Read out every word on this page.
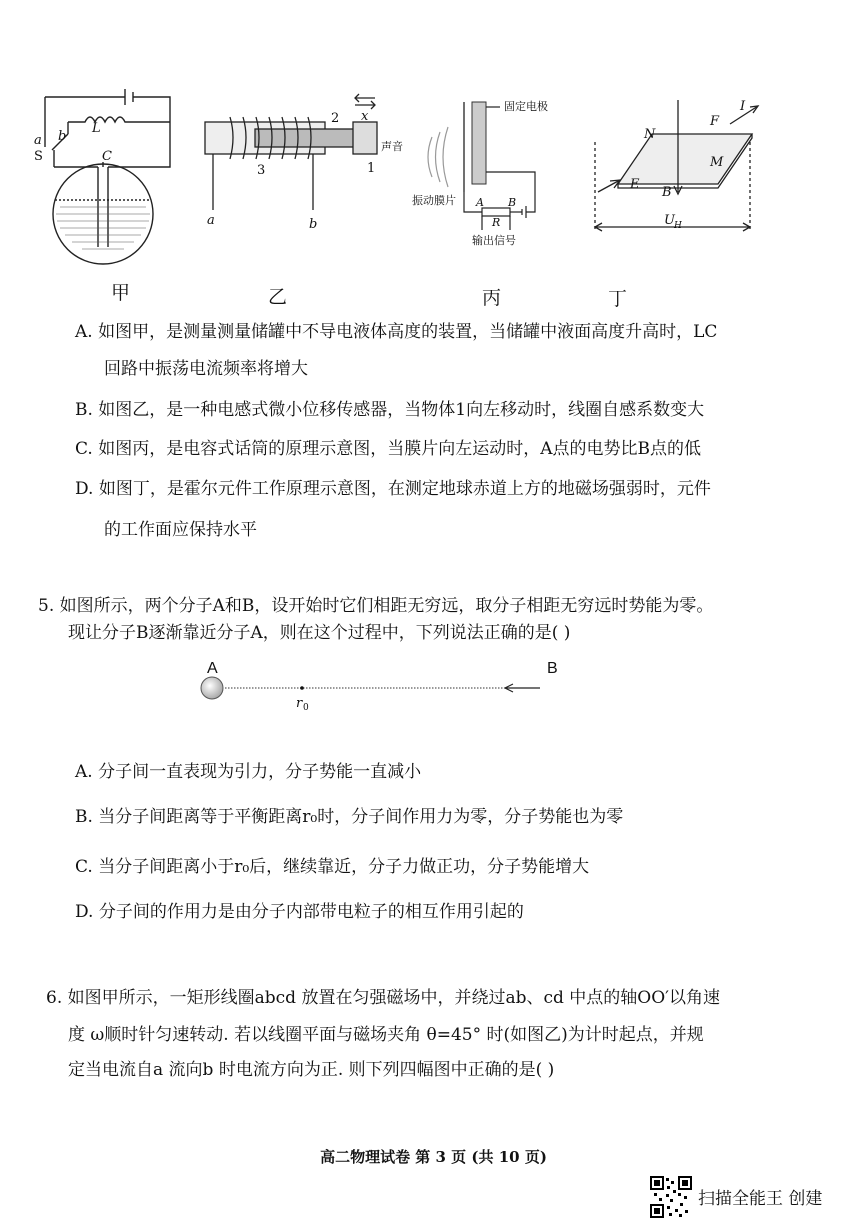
a b
S
L
C
甲
2 x
声音
3	1
a	b
乙
固定电极
振动膜片 A B
R
输出信号
丙
I
F
N
M
E
B
U H
丁
A. 如图甲，是测量测量储罐中不导电液体高度的装置，当储罐中液面高度升高时，LC
回路中振荡电流频率将增大
B. 如图乙，是一种电感式微小位移传感器，当物体1向左移动时，线圈自感系数变大
C. 如图丙，是电容式话筒的原理示意图，当膜片向左运动时，A点的电势比B点的低
D. 如图丁，是霍尔元件工作原理示意图，在测定地球赤道上方的地磁场强弱时，元件
的工作面应保持水平
5. 如图所示，两个分子A和B，设开始时它们相距无穷远，取分子相距无穷远时势能为零。
现让分子B逐渐靠近分子A，则在这个过程中，下列说法正确的是( )
A	B
r 0
A. 分子间一直表现为引力，分子势能一直减小
B. 当分子间距离等于平衡距离r₀时，分子间作用力为零，分子势能也为零
C. 当分子间距离小于r₀后，继续靠近，分子力做正功，分子势能增大
D. 分子间的作用力是由分子内部带电粒子的相互作用引起的
6. 如图甲所示，一矩形线圈abcd 放置在匀强磁场中，并绕过ab、cd 中点的轴OO′以角速
度 ω顺时针匀速转动. 若以线圈平面与磁场夹角 θ=45° 时(如图乙)为计时起点，并规
定当电流自a 流向b 时电流方向为正. 则下列四幅图中正确的是( )
高二物理试卷 第 3 页 (共 10 页)
扫描全能王 创建
